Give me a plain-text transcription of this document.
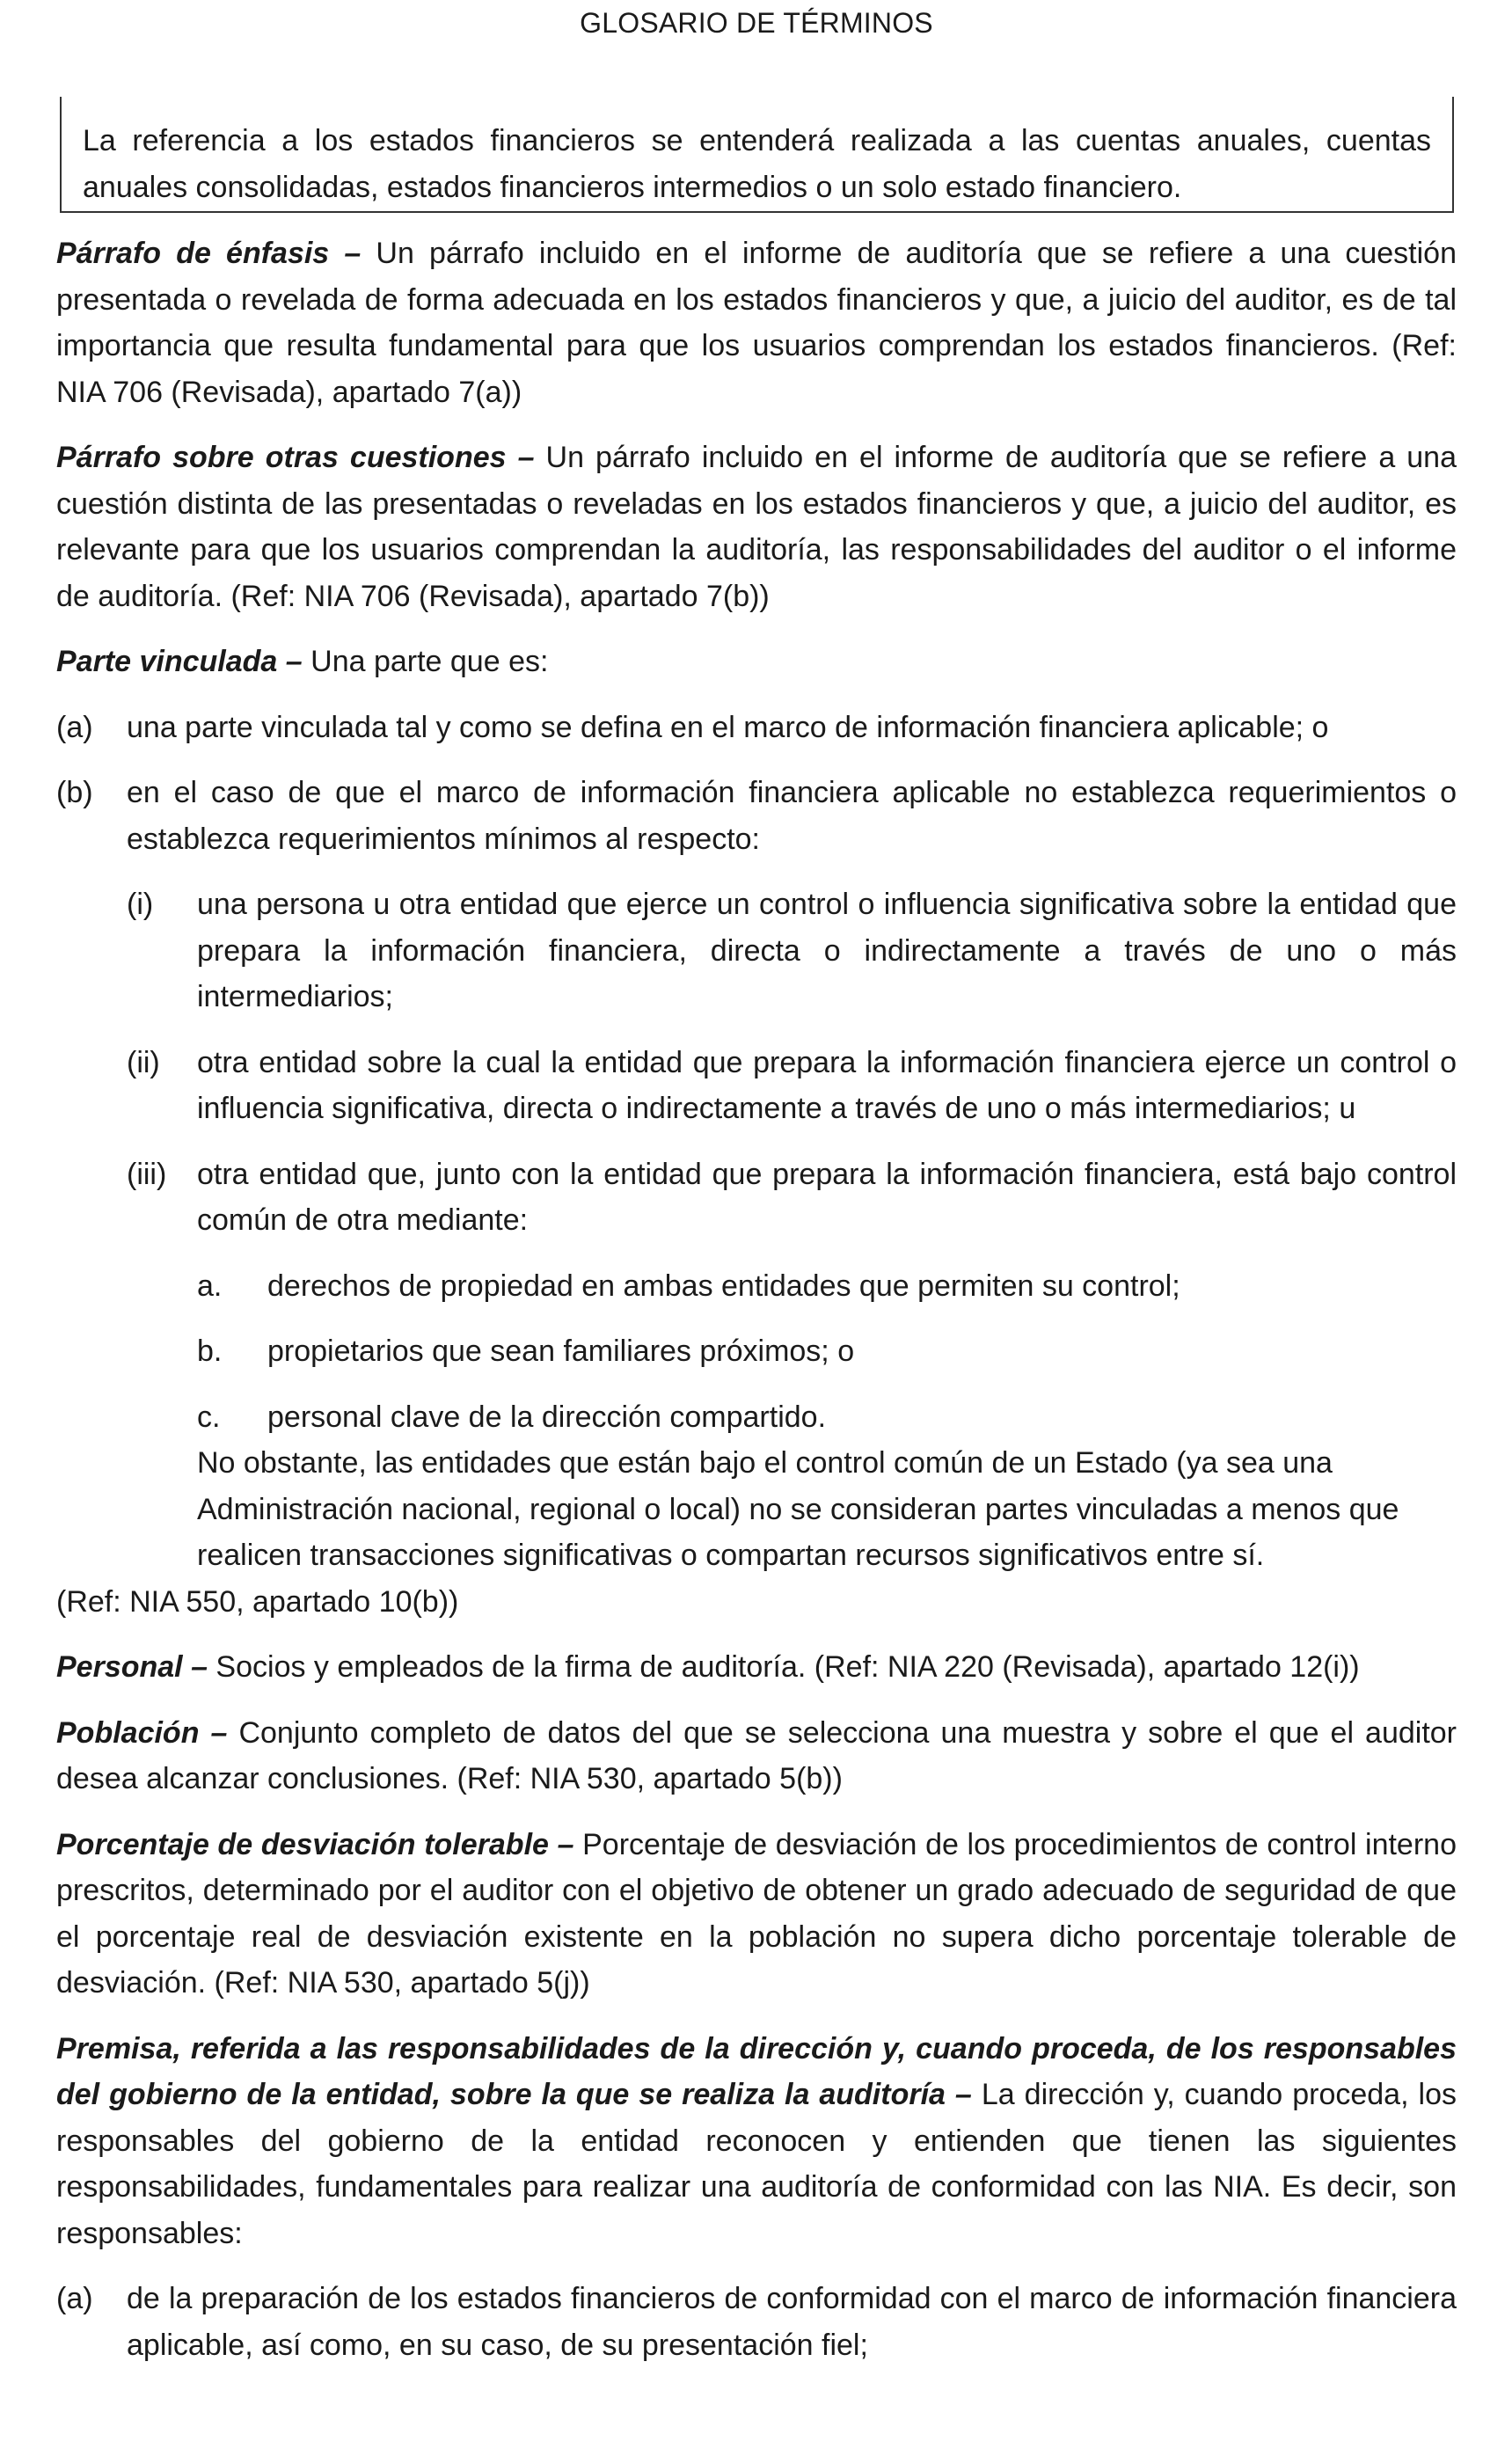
GLOSARIO DE TÉRMINOS

La referencia a los estados financieros se entenderá realizada a las cuentas anuales, cuentas anuales consolidadas, estados financieros intermedios o un solo estado financiero.

Párrafo de énfasis – Un párrafo incluido en el informe de auditoría que se refiere a una cuestión presentada o revelada de forma adecuada en los estados financieros y que, a juicio del auditor, es de tal importancia que resulta fundamental para que los usuarios comprendan los estados financieros. (Ref: NIA 706 (Revisada), apartado 7(a))

Párrafo sobre otras cuestiones – Un párrafo incluido en el informe de auditoría que se refiere a una cuestión distinta de las presentadas o reveladas en los estados financieros y que, a juicio del auditor, es relevante para que los usuarios comprendan la auditoría, las responsabilidades del auditor o el informe de auditoría. (Ref: NIA 706 (Revisada), apartado 7(b))

Parte vinculada – Una parte que es:

(a)	una parte vinculada tal y como se defina en el marco de información financiera aplicable; o
(b)	en el caso de que el marco de información financiera aplicable no establezca requerimientos o establezca requerimientos mínimos al respecto:
(i)	una persona u otra entidad que ejerce un control o influencia significativa sobre la entidad que prepara la información financiera, directa o indirectamente a través de uno o más intermediarios;
(ii)	otra entidad sobre la cual la entidad que prepara la información financiera ejerce un control o influencia significativa, directa o indirectamente a través de uno o más intermediarios; u
(iii)	otra entidad que, junto con la entidad que prepara la información financiera, está bajo control común de otra mediante:
a.	derechos de propiedad en ambas entidades que permiten su control;
b.	propietarios que sean familiares próximos; o
c.	personal clave de la dirección compartido.

No obstante, las entidades que están bajo el control común de un Estado (ya sea una Administración nacional, regional o local) no se consideran partes vinculadas a menos que realicen transacciones significativas o compartan recursos significativos entre sí.

(Ref: NIA 550, apartado 10(b))

Personal – Socios y empleados de la firma de auditoría. (Ref: NIA 220 (Revisada), apartado 12(i))

Población – Conjunto completo de datos del que se selecciona una muestra y sobre el que el auditor desea alcanzar conclusiones. (Ref: NIA 530, apartado 5(b))

Porcentaje de desviación tolerable – Porcentaje de desviación de los procedimientos de control interno prescritos, determinado por el auditor con el objetivo de obtener un grado adecuado de seguridad de que el porcentaje real de desviación existente en la población no supera dicho porcentaje tolerable de desviación. (Ref: NIA 530, apartado 5(j))

Premisa, referida a las responsabilidades de la dirección y, cuando proceda, de los responsables del gobierno de la entidad, sobre la que se realiza la auditoría – La dirección y, cuando proceda, los responsables del gobierno de la entidad reconocen y entienden que tienen las siguientes responsabilidades, fundamentales para realizar una auditoría de conformidad con las NIA. Es decir, son responsables:

(a)	de la preparación de los estados financieros de conformidad con el marco de información financiera aplicable, así como, en su caso, de su presentación fiel;
